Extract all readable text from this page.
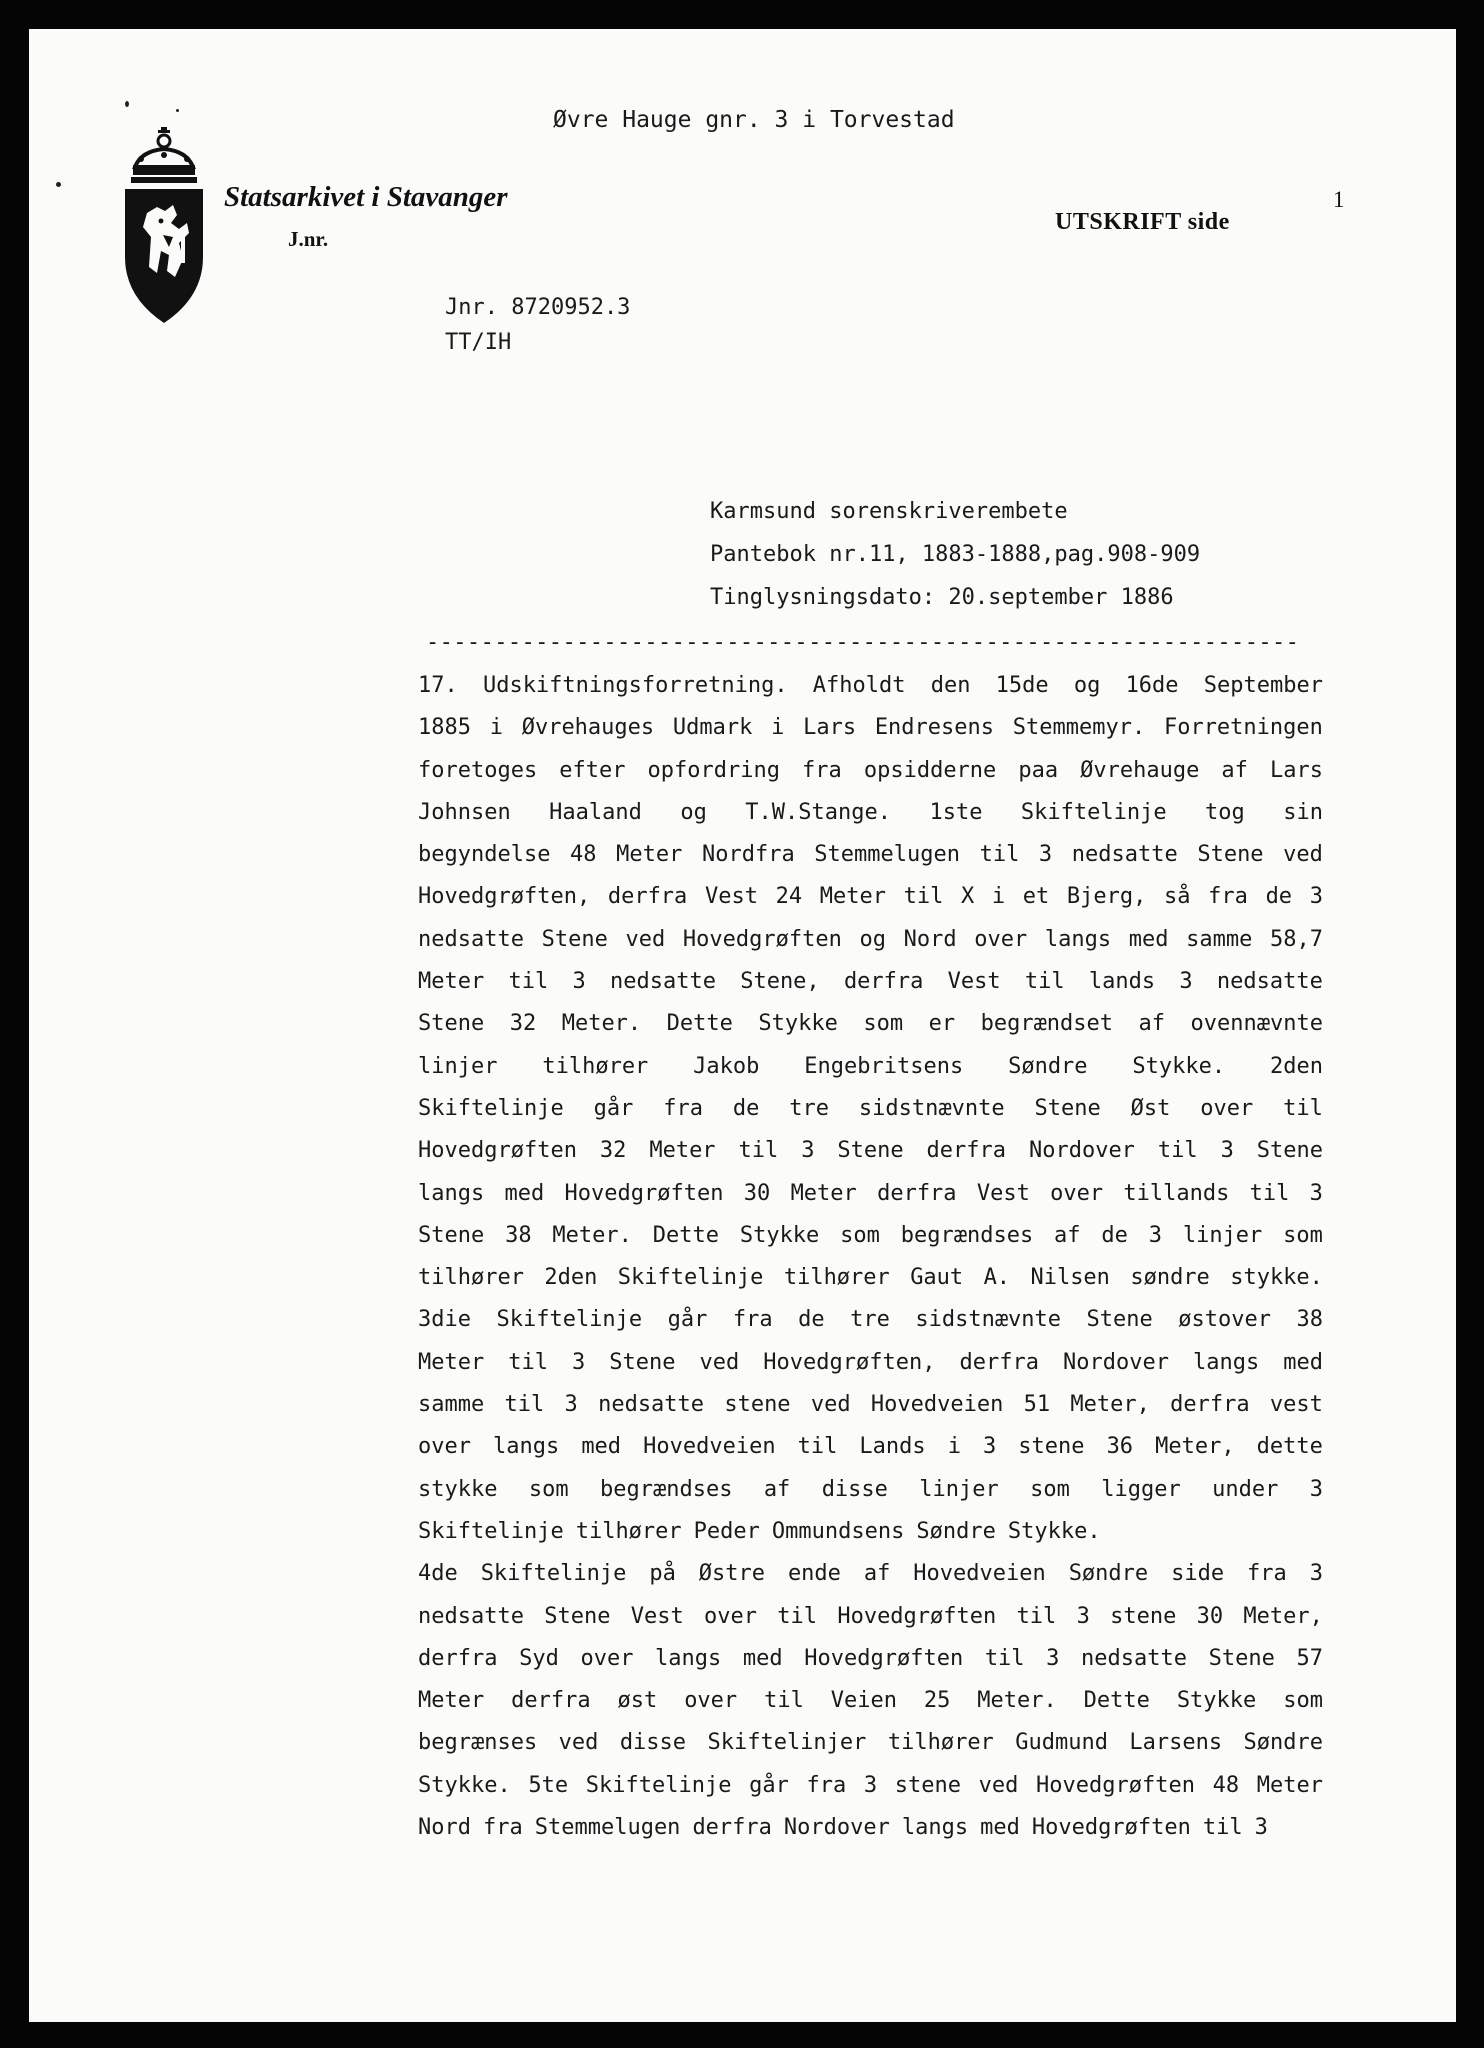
Øvre Hauge gnr. 3 i Torvestad
Statsarkivet i Stavanger
J.nr.
UTSKRIFT side
1
Jnr. 8720952.3
TT/IH
Karmsund sorenskriverembete
Pantebok nr.11, 1883-1888,pag.908-909
Tinglysningsdato: 20.september 1886
----------------------------------------------------------------
17. Udskiftningsforretning. Afholdt den 15de og 16de September
1885 i Øvrehauges Udmark i Lars Endresens Stemmemyr. Forretningen
foretoges efter opfordring fra opsidderne paa Øvrehauge af Lars
Johnsen Haaland og T.W.Stange. 1ste Skiftelinje tog sin
begyndelse 48 Meter Nordfra Stemmelugen til 3 nedsatte Stene ved
Hovedgrøften, derfra Vest 24 Meter til X i et Bjerg, så fra de 3
nedsatte Stene ved Hovedgrøften og Nord over langs med samme 58,7
Meter til 3 nedsatte Stene, derfra Vest til lands 3 nedsatte
Stene 32 Meter. Dette Stykke som er begrændset af ovennævnte
linjer tilhører Jakob Engebritsens Søndre Stykke. 2den
Skiftelinje går fra de tre sidstnævnte Stene Øst over til
Hovedgrøften 32 Meter til 3 Stene derfra Nordover til 3 Stene
langs med Hovedgrøften 30 Meter derfra Vest over tillands til 3
Stene 38 Meter. Dette Stykke som begrændses af de 3 linjer som
tilhører 2den Skiftelinje tilhører Gaut A. Nilsen søndre stykke.
3die Skiftelinje går fra de tre sidstnævnte Stene østover 38
Meter til 3 Stene ved Hovedgrøften, derfra Nordover langs med
samme til 3 nedsatte stene ved Hovedveien 51 Meter, derfra vest
over langs med Hovedveien til Lands i 3 stene 36 Meter, dette
stykke som begrændses af disse linjer som ligger under 3
Skiftelinje tilhører Peder Ommundsens Søndre Stykke.
4de Skiftelinje på Østre ende af Hovedveien Søndre side fra 3
nedsatte Stene Vest over til Hovedgrøften til 3 stene 30 Meter,
derfra Syd over langs med Hovedgrøften til 3 nedsatte Stene 57
Meter derfra øst over til Veien 25 Meter. Dette Stykke som
begrænses ved disse Skiftelinjer tilhører Gudmund Larsens Søndre
Stykke. 5te Skiftelinje går fra 3 stene ved Hovedgrøften 48 Meter
Nord fra Stemmelugen derfra Nordover langs med Hovedgrøften til 3
